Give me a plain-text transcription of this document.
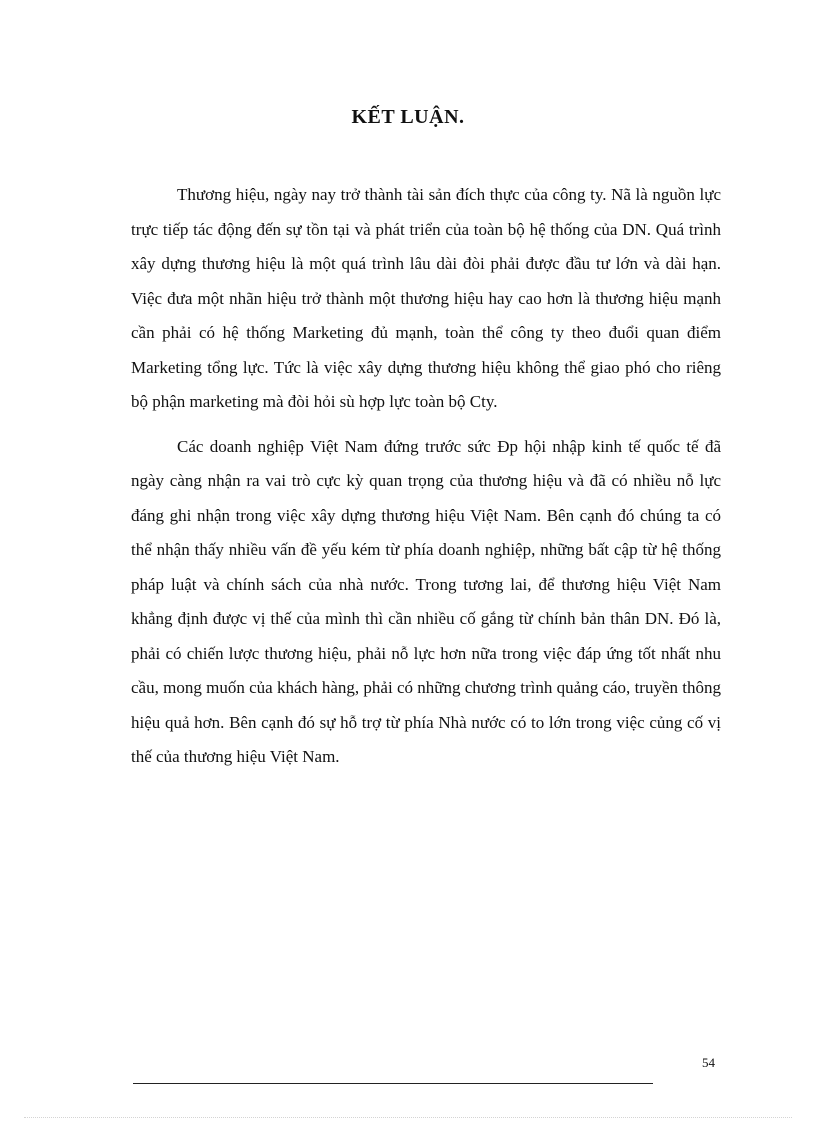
KẾT LUẬN.

Thương hiệu, ngày nay trở thành tài sản đích thực của công ty. Nã là nguồn lực trực tiếp tác động đến sự tồn tại và phát triển của toàn bộ hệ thống của DN. Quá trình xây dựng thương hiệu là một quá trình lâu dài đòi phải được đầu tư lớn và dài hạn. Việc đưa một nhãn hiệu trở thành một thương hiệu hay cao hơn là thương hiệu mạnh cần phải có hệ thống Marketing đủ mạnh, toàn thể công ty theo đuổi quan điểm Marketing tổng lực. Tức là việc xây dựng thương hiệu không thể giao phó cho riêng bộ phận marketing mà đòi hỏi sù hợp lực toàn bộ Cty.

Các doanh nghiệp Việt Nam đứng trước sức Ðp hội nhập kinh tế quốc tế đã ngày càng nhận ra vai trò cực kỳ quan trọng của thương hiệu và đã có nhiều nỗ lực đáng ghi nhận trong việc xây dựng thương hiệu Việt Nam. Bên cạnh đó chúng ta có thể nhận thấy nhiều vấn đề yếu kém từ phía doanh nghiệp, những bất cập từ hệ thống pháp luật và chính sách của nhà nước. Trong tương lai, để thương hiệu Việt Nam khẳng định được vị thế của mình thì cần nhiều cố gắng từ chính bản thân DN. Đó là, phải có chiến lược thương hiệu, phải nỗ lực hơn nữa trong việc đáp ứng tốt nhất nhu cầu, mong muốn của khách hàng, phải có những chương trình quảng cáo, truyền thông hiệu quả hơn. Bên cạnh đó sự hỗ trợ từ phía Nhà nước có to lớn trong việc củng cố vị thế của thương hiệu Việt Nam.

54
